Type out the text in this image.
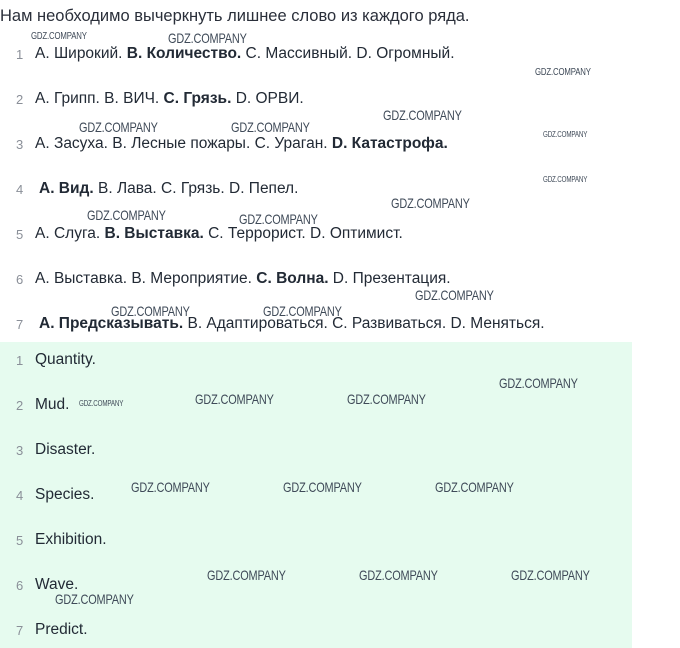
Нам необходимо вычеркнуть лишнее слово из каждого ряда.
1 A. Широкий. B. Количество. C. Массивный. D. Огромный.
2 A. Грипп. B. ВИЧ. C. Грязь. D. ОРВИ.
3 A. Засуха. B. Лесные пожары. C. Ураган. D. Катастрофа.
4 A. Вид. B. Лава. C. Грязь. D. Пепел.
5 A. Слуга. B. Выставка. C. Террорист. D. Оптимист.
6 A. Выставка. B. Мероприятие. C. Волна. D. Презентация.
7 A. Предсказывать. B. Адаптироваться. C. Развиваться. D. Меняться.
1 Quantity.
2 Mud.
3 Disaster.
4 Species.
5 Exhibition.
6 Wave.
7 Predict.
GDZ.COMPANY	GDZ.COMPANY
GDZ.COMPANY
GDZ.COMPANY
GDZ.COMPANY	GDZ.COMPANY	GDZ.COMPANY
GDZ.COMPANY
GDZ.COMPANY
GDZ.COMPANY	GDZ.COMPANY
GDZ.COMPANY
GDZ.COMPANY	GDZ.COMPANY
GDZ.COMPANY
GDZ.COMPANY	GDZ.COMPANY	GDZ.COMPANY
GDZ.COMPANY	GDZ.COMPANY	GDZ.COMPANY
GDZ.COMPANY	GDZ.COMPANY	GDZ.COMPANY
GDZ.COMPANY
